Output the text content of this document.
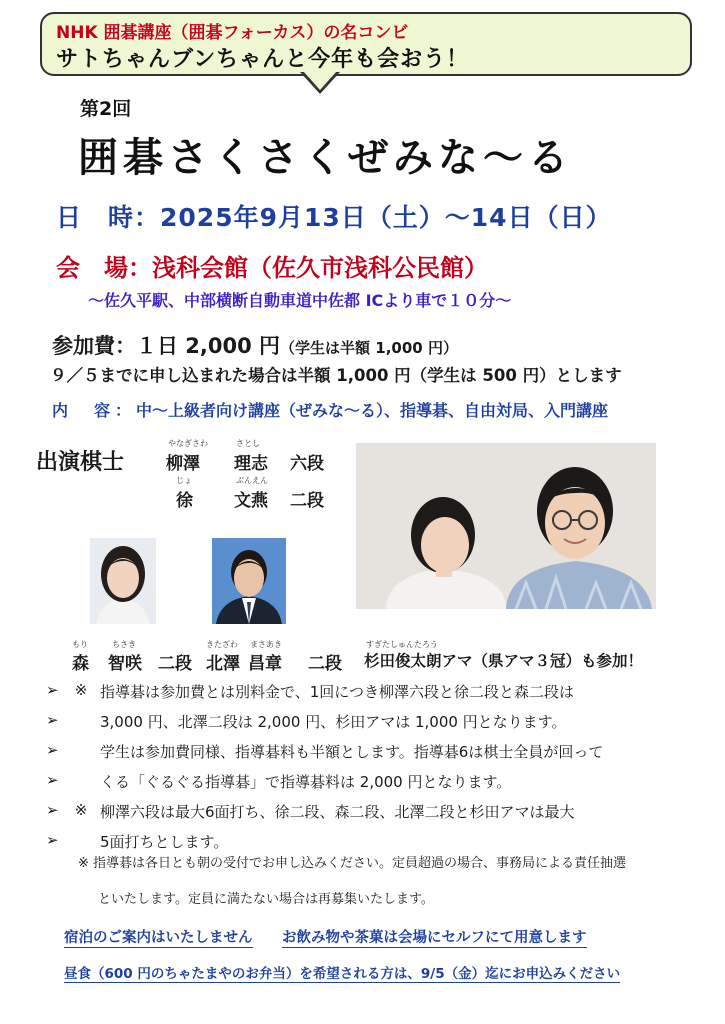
NHK 囲碁講座（囲碁フォーカス）の名コンビ
サトちゃんブンちゃんと今年も会おう！
第2回
囲碁さくさくぜみな〜る
日　時：2025年9月13日（土）〜14日（日）
会　場：浅科会館（佐久市浅科公民館）
〜佐久平駅、中部横断自動車道中佐都 ICより車で１０分〜
参加費：１日 2,000 円（学生は半額 1,000 円）
９／５までに申し込まれた場合は半額 1,000 円（学生は 500 円）とします
内　容：中〜上級者向け講座（ぜみな〜る）、指導碁、自由対局、入門講座
出演棋士
やなぎさわ	さとし
柳澤 理志 六段
じょ	ぶんえん
徐 文燕 二段
もり	ちさき
森 智咲 二段
きたざわ まさあき
北澤 昌章 二段
すぎたしゅんたろう
杉田俊太朗アマ（県アマ３冠）も参加！
➢	※ 指導碁は参加費とは別料金で、1回につき柳澤六段と徐二段と森二段は
➢	3,000 円、北澤二段は 2,000 円、杉田アマは 1,000 円となります。
➢	学生は参加費同様、指導碁料も半額とします。指導碁6は棋士全員が回って
➢	くる「ぐるぐる指導碁」で指導碁料は 2,000 円となります。
➢	※ 柳澤六段は最大6面打ち、徐二段、森二段、北澤二段と杉田アマは最大
➢	5面打ちとします。
※ 指導碁は各日とも朝の受付でお申し込みください。定員超過の場合、事務局による責任抽選
といたします。定員に満たない場合は再募集いたします。
宿泊のご案内はいたしません お飲み物や茶菓は会場にセルフにて用意します
昼食（600 円のちゃたまやのお弁当）を希望される方は、9/5（金）迄にお申込みください
